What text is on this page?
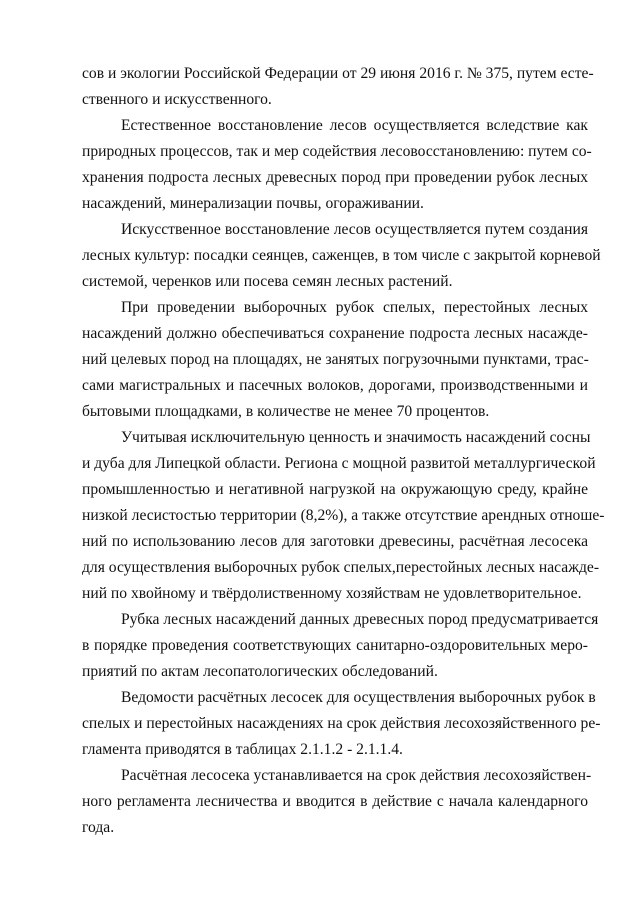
сов и экологии Российской Федерации от 29 июня 2016 г. № 375, путем есте-
ственного и искусственного.
Естественное восстановление лесов осуществляется вследствие как
природных процессов, так и мер содействия лесовосстановлению: путем со-
хранения подроста лесных древесных пород при проведении рубок лесных
насаждений, минерализации почвы, огораживании.
Искусственное восстановление лесов осуществляется путем создания
лесных культур: посадки сеянцев, саженцев, в том числе с закрытой корневой
системой, черенков или посева семян лесных растений.
При проведении выборочных рубок спелых, перестойных лесных
насаждений должно обеспечиваться сохранение подроста лесных насажде-
ний целевых пород на площадях, не занятых погрузочными пунктами, трас-
сами магистральных и пасечных волоков, дорогами, производственными и
бытовыми площадками, в количестве не менее 70 процентов.
Учитывая исключительную ценность и значимость насаждений сосны
и дуба для Липецкой области. Региона с мощной развитой металлургической
промышленностью и негативной нагрузкой на окружающую среду, крайне
низкой лесистостью территории (8,2%), а также отсутствие арендных отноше-
ний по использованию лесов для заготовки древесины, расчётная лесосека
для осуществления выборочных рубок спелых,перестойных лесных насажде-
ний по хвойному и твёрдолиственному хозяйствам не удовлетворительное.
Рубка лесных насаждений данных древесных пород предусматривается
в порядке проведения соответствующих санитарно-оздоровительных меро-
приятий по актам лесопатологических обследований.
Ведомости расчётных лесосек для осуществления выборочных рубок в
спелых и перестойных насаждениях на срок действия лесохозяйственного ре-
гламента приводятся в таблицах 2.1.1.2 - 2.1.1.4.
Расчётная лесосека устанавливается на срок действия лесохозяйствен-
ного регламента лесничества и вводится в действие с начала календарного
года.
